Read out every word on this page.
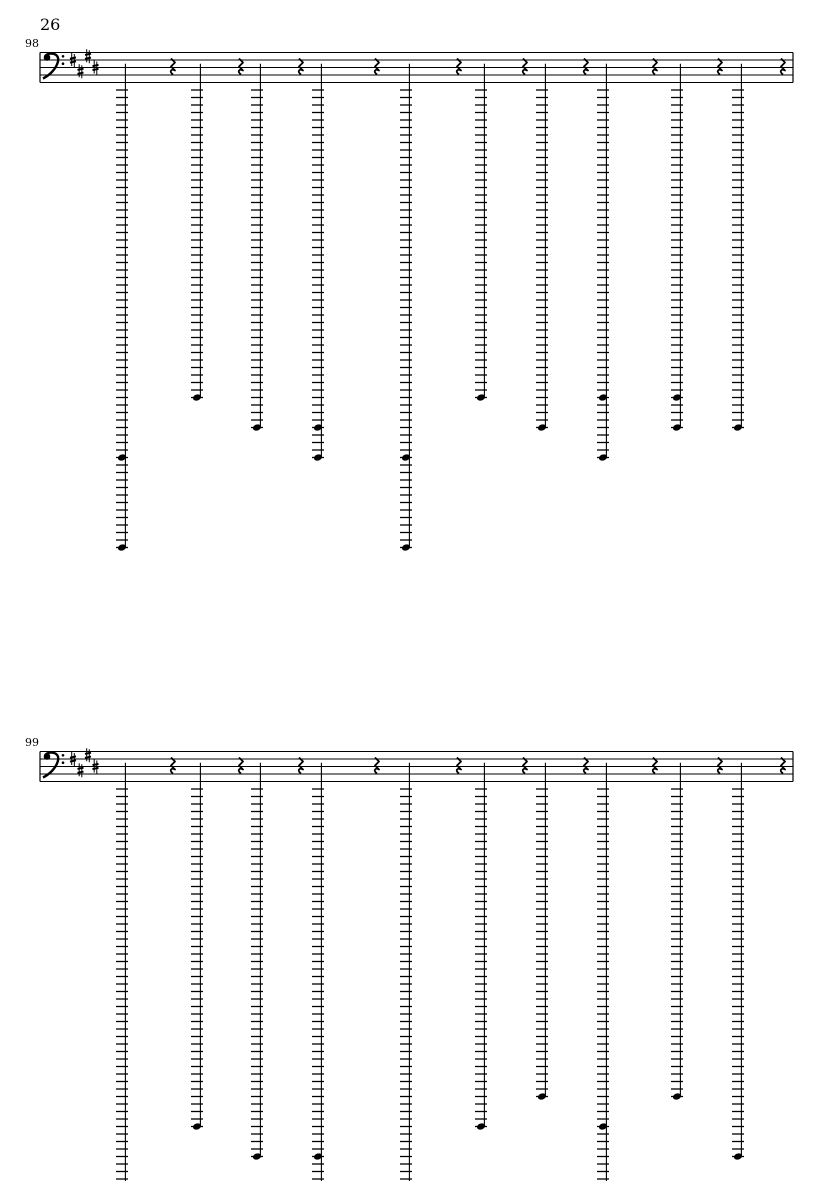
26
98
99
